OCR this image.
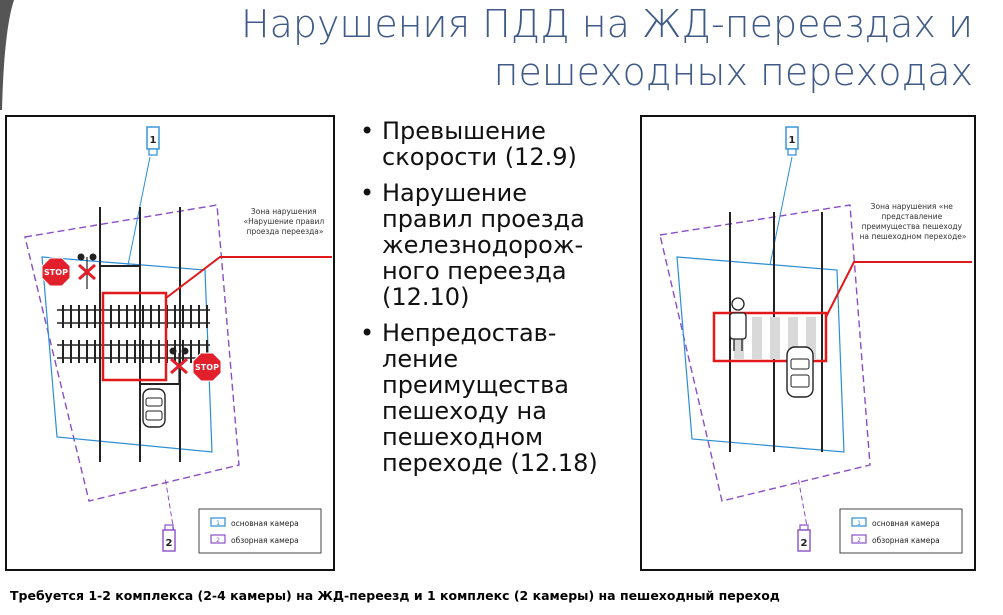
Нарушения ПДД на ЖД-переездах и
пешеходных переходах
Зона нарушения «Нарушение правил проезда переезда»
1
2
STOP
STOP
1 основная камера
2 обзорная камера
• Превышение
скорости (12.9)
• Нарушение
правил проезда
железнодорож-
ного переезда
(12.10)
• Непредостав-
ление
преимущества
пешеходу на
пешеходном
переходе (12.18)
Зона нарушения «не представление преимущества пешеходу на пешеходном переходе»
1
2
1 основная камера
2 обзорная камера
Требуется 1-2 комплекса (2-4 камеры) на ЖД-переезд и 1 комплекс (2 камеры) на пешеходный переход
